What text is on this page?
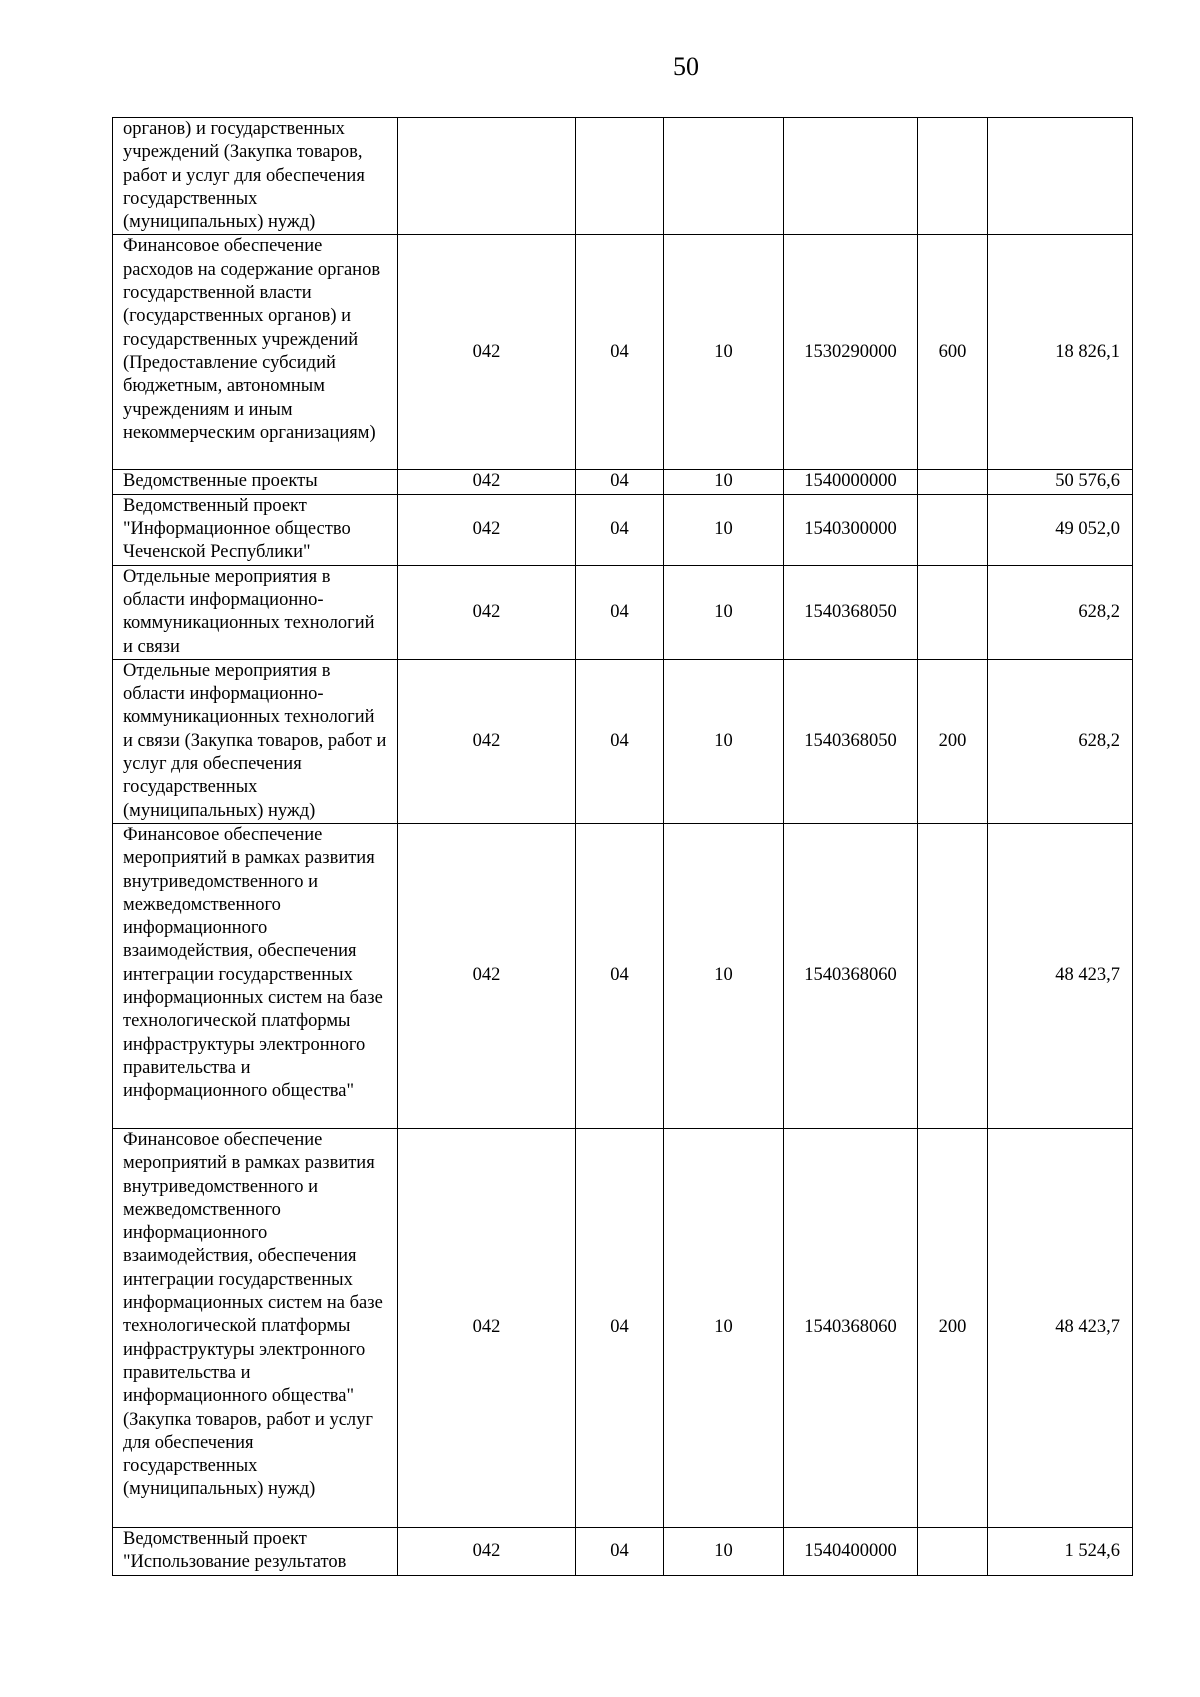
50
органов) и государственных учреждений (Закупка товаров, работ и услуг для обеспечения государственных (муниципальных) нужд)						
Финансовое обеспечение расходов на содержание органов государственной власти (государственных органов) и государственных учреждений (Предоставление субсидий бюджетным, автономным учреждениям и иным некоммерческим организациям)	042	04	10	1530290000	600	18 826,1
Ведомственные проекты	042	04	10	1540000000		50 576,6
Ведомственный проект "Информационное общество Чеченской Республики"	042	04	10	1540300000		49 052,0
Отдельные мероприятия в области информационно-коммуникационных технологий и связи	042	04	10	1540368050		628,2
Отдельные мероприятия в области информационно-коммуникационных технологий и связи (Закупка товаров, работ и услуг для обеспечения государственных (муниципальных) нужд)	042	04	10	1540368050	200	628,2
Финансовое обеспечение мероприятий в рамках развития внутриведомственного и межведомственного информационного взаимодействия, обеспечения интеграции государственных информационных систем на базе технологической платформы инфраструктуры электронного правительства и информационного общества"	042	04	10	1540368060		48 423,7
Финансовое обеспечение мероприятий в рамках развития внутриведомственного и межведомственного информационного взаимодействия, обеспечения интеграции государственных информационных систем на базе технологической платформы инфраструктуры электронного правительства и информационного общества" (Закупка товаров, работ и услуг для обеспечения государственных (муниципальных) нужд)	042	04	10	1540368060	200	48 423,7
Ведомственный проект "Использование результатов	042	04	10	1540400000		1 524,6
